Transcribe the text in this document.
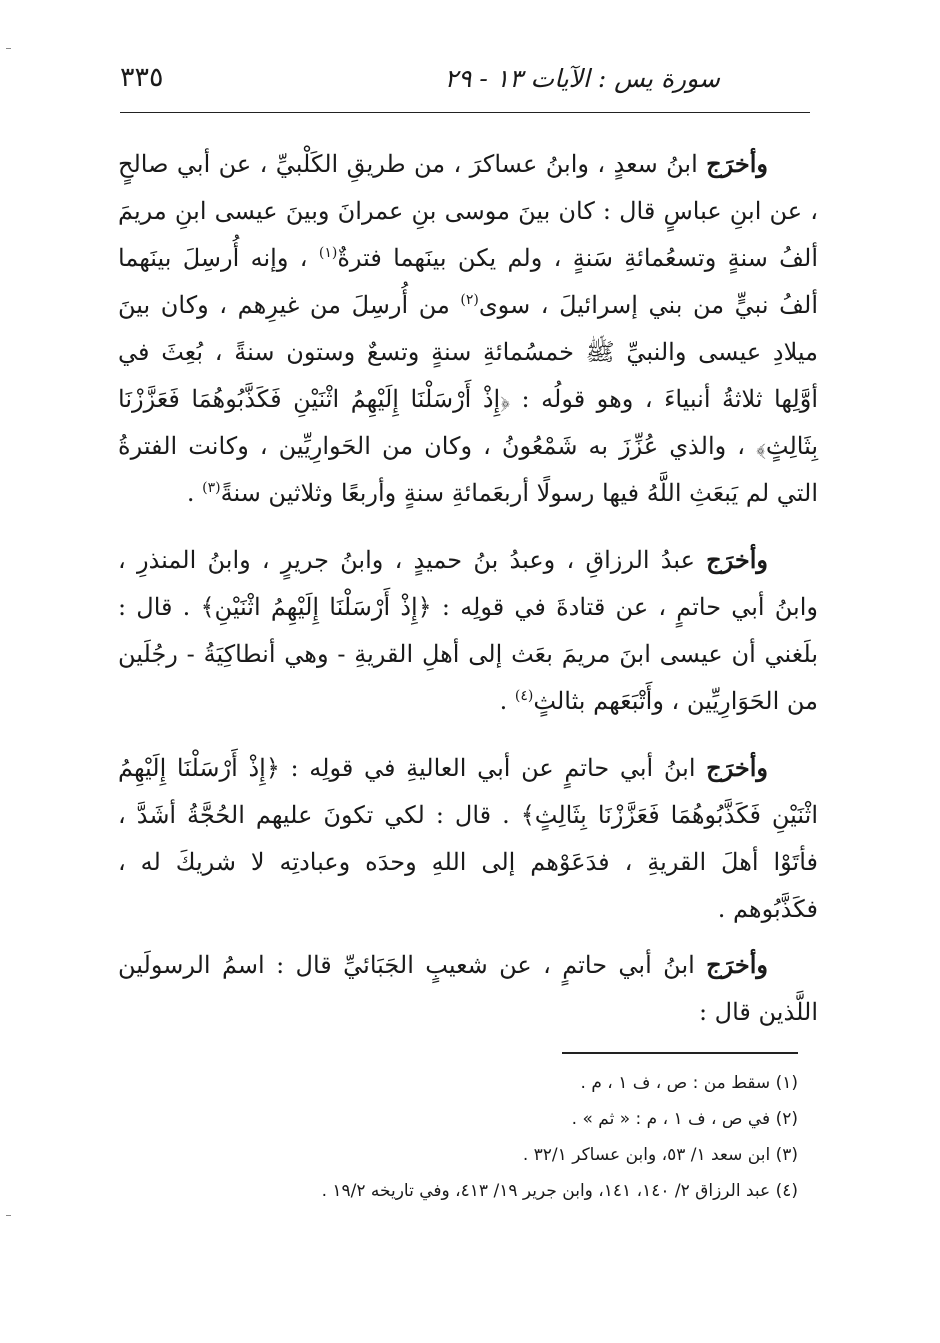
سورة يس : الآيات ١٣ - ٢٩
٣٣٥

وأخرَج ابنُ سعدٍ ، وابنُ عساكرَ ، من طريقِ الكَلْبيِّ ، عن أبي صالحٍ ، عن ابنِ عباسٍ قال : كان بينَ موسى بنِ عمرانَ وبينَ عيسى ابنِ مريمَ ألفُ سنةٍ وتسعُمائةِ سَنةٍ ، ولم يكن بينَهما فترةٌ$^{(١)}$ ، وإنه أُرسِلَ بينَهما ألفُ نبيٍّ من بني إسرائيلَ ، سوى$^{(٢)}$ من أُرسِلَ من غيرِهم ، وكان بينَ ميلادِ عيسى والنبيِّ ﷺ خمسُمائةِ سنةٍ وتسعٌ وستون سنةً ، بُعِثَ في أوَّلِها ثلاثةُ أنبياءَ ، وهو قولُه : ﴿إِذْ أَرْسَلْنَا إِلَيْهِمُ اثْنَيْنِ فَكَذَّبُوهُمَا فَعَزَّزْنَا بِثَالِثٍ﴾ ، والذي عُزِّزَ به شَمْعُونُ ، وكان من الحَوارِيِّين ، وكانت الفترةُ التي لم يَبعَثِ اللَّهُ فيها رسولًا أربعَمائةِ سنةٍ وأربعًا وثلاثين سنةً$^{(٣)}$ .

وأخرَج عبدُ الرزاقِ ، وعبدُ بنُ حميدٍ ، وابنُ جريرٍ ، وابنُ المنذرِ ، وابنُ أبي حاتمٍ ، عن قتادةَ في قولِه : ﴿إِذْ أَرْسَلْنَا إِلَيْهِمُ اثْنَيْنِ﴾ . قال : بلَغني أن عيسى ابنَ مريمَ بعَث إلى أهلِ القريةِ - وهي أنطاكِيَةُ - رجُلَين من الحَوَارِيِّين ، وأَتْبَعَهم بثالثٍ$^{(٤)}$ .

وأخرَج ابنُ أبي حاتمٍ عن أبي العاليةِ في قولِه : ﴿إِذْ أَرْسَلْنَا إِلَيْهِمُ اثْنَيْنِ فَكَذَّبُوهُمَا فَعَزَّزْنَا بِثَالِثٍ﴾ . قال : لكي تكونَ عليهم الحُجَّةُ أشَدَّ ، فأتَوْا أهلَ القريةِ ، فدَعَوْهم إلى اللهِ وحدَه وعبادتِه لا شريكَ له ، فكَذَّبُوهم .

وأخرَج ابنُ أبي حاتمٍ ، عن شعيبٍ الجَبَائيِّ قال : اسمُ الرسولَين اللَّذين قال :

(١) سقط من : ص ، ف ١ ، م .

(٢) في ص ، ف ١ ، م : « ثم » .

(٣) ابن سعد ١/ ٥٣، وابن عساكر ٣٢/١ .

(٤) عبد الرزاق ٢/ ١٤٠، ١٤١، وابن جرير ١٩/ ٤١٣، وفي تاريخه ١٩/٢ .
